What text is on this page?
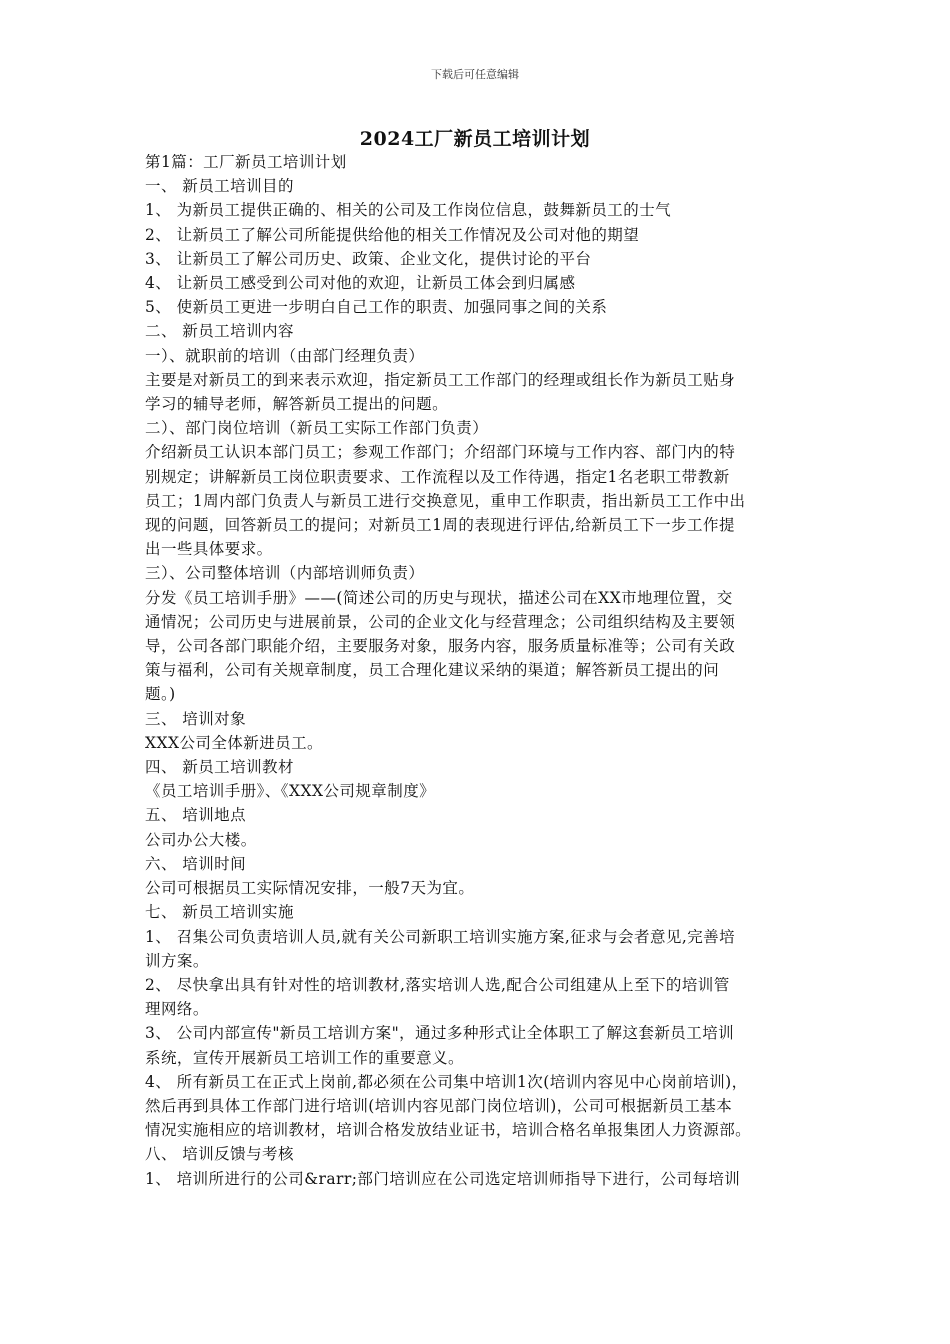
下载后可任意编辑
2024工厂新员工培训计划
第1篇：工厂新员工培训计划
一、 新员工培训目的
1、 为新员工提供正确的、相关的公司及工作岗位信息，鼓舞新员工的士气
2、 让新员工了解公司所能提供给他的相关工作情况及公司对他的期望
3、 让新员工了解公司历史、政策、企业文化，提供讨论的平台
4、 让新员工感受到公司对他的欢迎，让新员工体会到归属感
5、 使新员工更进一步明白自己工作的职责、加强同事之间的关系
二、 新员工培训内容
一）、就职前的培训（由部门经理负责）
主要是对新员工的到来表示欢迎，指定新员工工作部门的经理或组长作为新员工贴身
学习的辅导老师，解答新员工提出的问题。
二）、部门岗位培训（新员工实际工作部门负责）
介绍新员工认识本部门员工；参观工作部门；介绍部门环境与工作内容、部门内的特
别规定；讲解新员工岗位职责要求、工作流程以及工作待遇，指定1名老职工带教新
员工；1周内部门负责人与新员工进行交换意见，重申工作职责，指出新员工工作中出
现的问题，回答新员工的提问；对新员工1周的表现进行评估,给新员工下一步工作提
出一些具体要求。
三）、公司整体培训（内部培训师负责）
分发《员工培训手册》——(简述公司的历史与现状，描述公司在XX市地理位置，交
通情况；公司历史与进展前景，公司的企业文化与经营理念；公司组织结构及主要领
导，公司各部门职能介绍，主要服务对象，服务内容，服务质量标准等；公司有关政
策与福利，公司有关规章制度，员工合理化建议采纳的渠道；解答新员工提出的问
题。)
三、 培训对象
XXX公司全体新进员工。
四、 新员工培训教材
《员工培训手册》、《XXX公司规章制度》
五、 培训地点
公司办公大楼。
六、 培训时间
公司可根据员工实际情况安排，一般7天为宜。
七、 新员工培训实施
1、 召集公司负责培训人员,就有关公司新职工培训实施方案,征求与会者意见,完善培
训方案。
2、 尽快拿出具有针对性的培训教材,落实培训人选,配合公司组建从上至下的培训管
理网络。
3、 公司内部宣传"新员工培训方案"，通过多种形式让全体职工了解这套新员工培训
系统，宣传开展新员工培训工作的重要意义。
4、 所有新员工在正式上岗前,都必须在公司集中培训1次(培训内容见中心岗前培训)，
然后再到具体工作部门进行培训(培训内容见部门岗位培训)，公司可根据新员工基本
情况实施相应的培训教材，培训合格发放结业证书，培训合格名单报集团人力资源部。
八、 培训反馈与考核
1、 培训所进行的公司&rarr;部门培训应在公司选定培训师指导下进行，公司每培训
